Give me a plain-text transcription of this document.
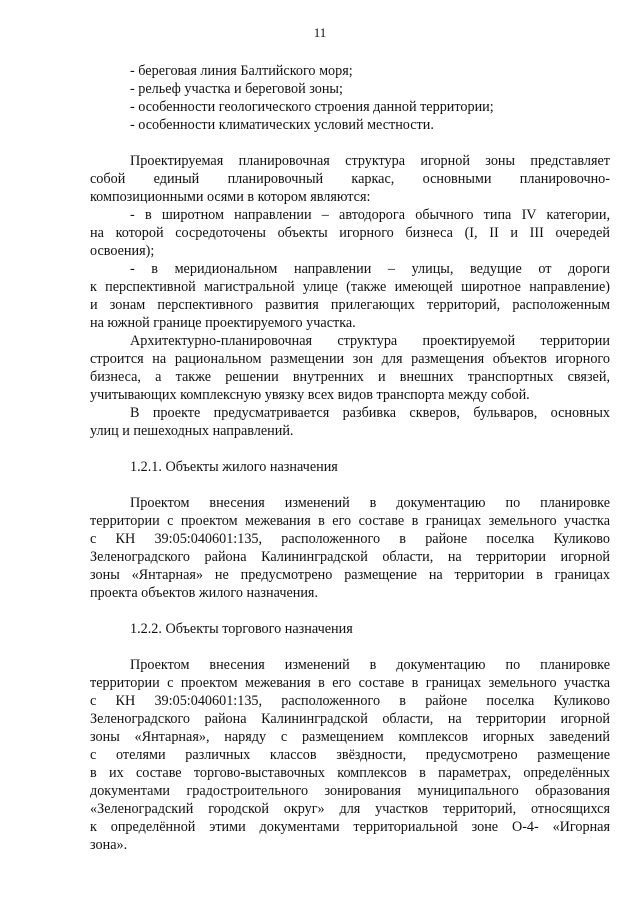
11
- береговая линия Балтийского моря;
- рельеф участка и береговой зоны;
- особенности геологического строения данной территории;
- особенности климатических условий местности.
Проектируемая планировочная структура игорной зоны представляет
собой единый планировочный каркас, основными планировочно-
композиционными осями в котором являются:
- в широтном направлении – автодорога обычного типа IV категории,
на которой сосредоточены объекты игорного бизнеса (I, II и III очередей
освоения);
- в меридиональном направлении – улицы, ведущие от дороги
к перспективной магистральной улице (также имеющей широтное направление)
и зонам перспективного развития прилегающих территорий, расположенным
на южной границе проектируемого участка.
Архитектурно-планировочная структура проектируемой территории
строится на рациональном размещении зон для размещения объектов игорного
бизнеса, а также решении внутренних и внешних транспортных связей,
учитывающих комплексную увязку всех видов транспорта между собой.
В проекте предусматривается разбивка скверов, бульваров, основных
улиц и пешеходных направлений.
1.2.1. Объекты жилого назначения
Проектом внесения изменений в документацию по планировке
территории с проектом межевания в его составе в границах земельного участка
с КН 39:05:040601:135, расположенного в районе поселка Куликово
Зеленоградского района Калининградской области, на территории игорной
зоны «Янтарная» не предусмотрено размещение на территории в границах
проекта объектов жилого назначения.
1.2.2. Объекты торгового назначения
Проектом внесения изменений в документацию по планировке
территории с проектом межевания в его составе в границах земельного участка
с КН 39:05:040601:135, расположенного в районе поселка Куликово
Зеленоградского района Калининградской области, на территории игорной
зоны «Янтарная», наряду с размещением комплексов игорных заведений
с отелями различных классов звёздности, предусмотрено размещение
в их составе торгово-выставочных комплексов в параметрах, определённых
документами градостроительного зонирования муниципального образования
«Зеленоградский городской округ» для участков территорий, относящихся
к определённой этими документами территориальной зоне О-4- «Игорная
зона».
